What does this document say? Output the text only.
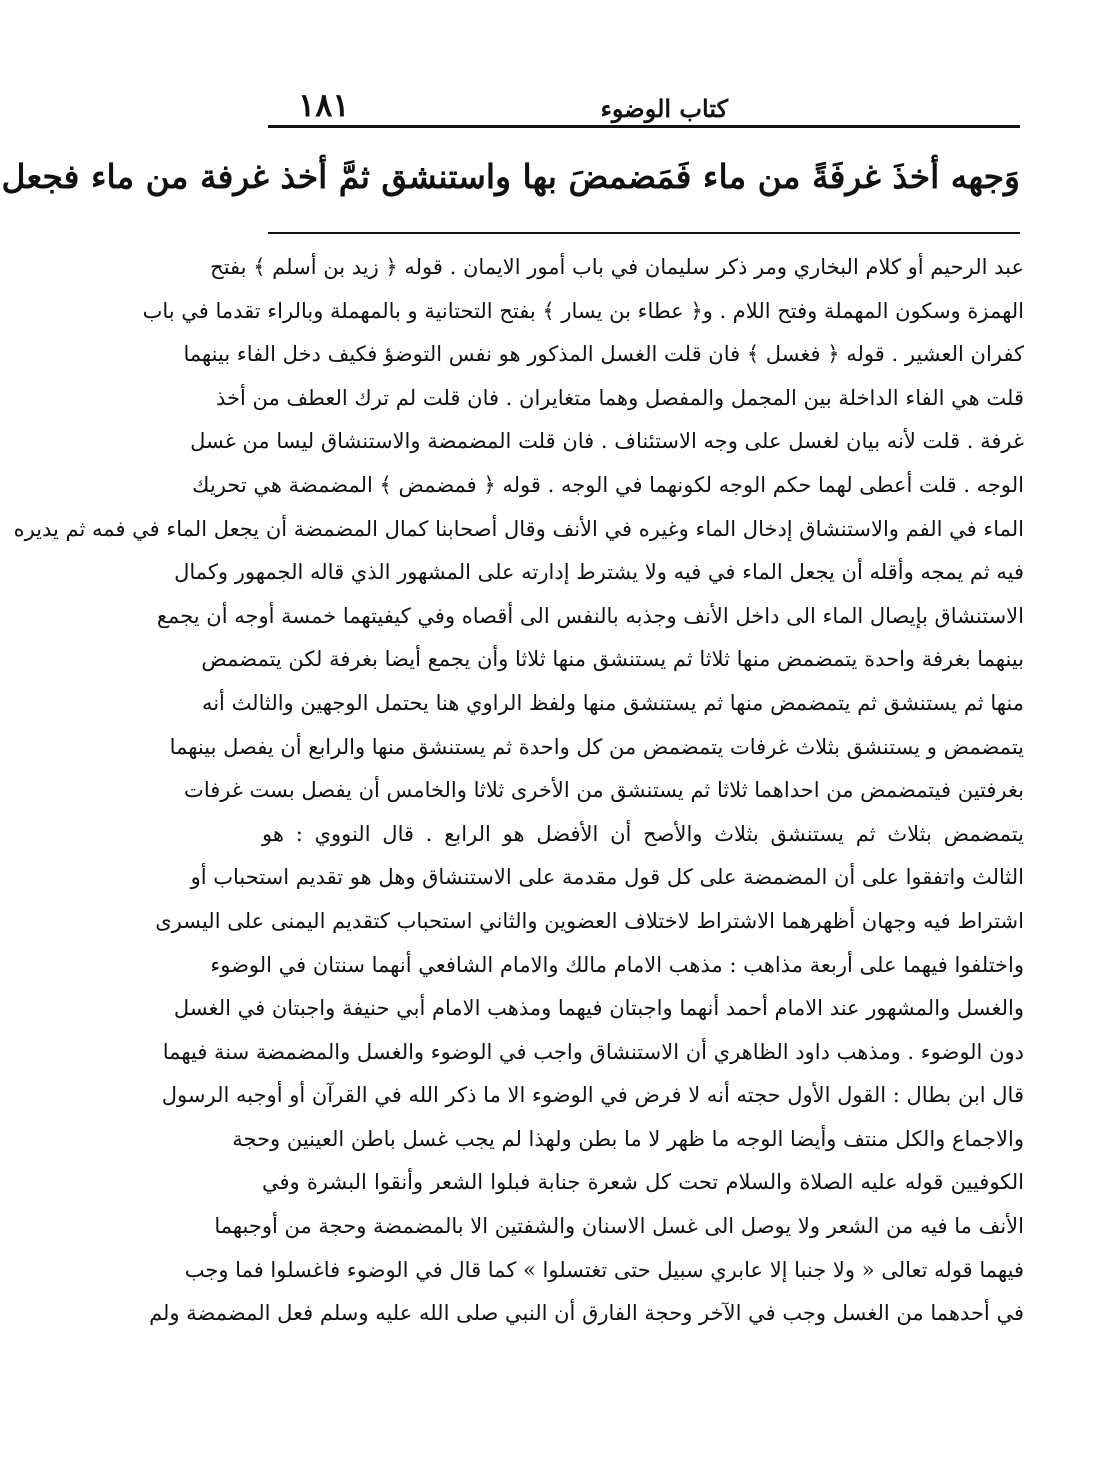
كتاب الوضوء
١٨١
وَجهه أخذَ غرفَةً من ماء فَمَضمضَ بها واستنشق ثمَّ أخذ غرفة من ماء فجعل
عبد الرحيم أو كلام البخاري ومر ذكر سليمان في باب أمور الايمان . قوله ﴿ زيد بن أسلم ﴾ بفتح
الهمزة وسكون المهملة وفتح اللام . و﴿ عطاء بن يسار ﴾ بفتح التحتانية و بالمهملة وبالراء تقدما في باب
كفران العشير . قوله ﴿ فغسل ﴾ فان قلت الغسل المذكور هو نفس التوضؤ فكيف دخل الفاء بينهما
قلت هي الفاء الداخلة بين المجمل والمفصل وهما متغايران . فان قلت لم ترك العطف من أخذ
غرفة . قلت لأنه بيان لغسل على وجه الاستئناف . فان قلت المضمضة والاستنشاق ليسا من غسل
الوجه . قلت أعطى لهما حكم الوجه لكونهما في الوجه . قوله ﴿ فمضمض ﴾ المضمضة هي تحريك
الماء في الفم والاستنشاق إدخال الماء وغيره في الأنف وقال أصحابنا كمال المضمضة أن يجعل الماء في فمه ثم يديره
فيه ثم يمجه وأقله أن يجعل الماء في فيه ولا يشترط إدارته على المشهور الذي قاله الجمهور وكمال
الاستنشاق بإيصال الماء الى داخل الأنف وجذبه بالنفس الى أقصاه وفي كيفيتهما خمسة أوجه أن يجمع
بينهما بغرفة واحدة يتمضمض منها ثلاثا ثم يستنشق منها ثلاثا وأن يجمع أيضا بغرفة لكن يتمضمض
منها ثم يستنشق ثم يتمضمض منها ثم يستنشق منها ولفظ الراوي هنا يحتمل الوجهين والثالث أنه
يتمضمض و يستنشق بثلاث غرفات يتمضمض من كل واحدة ثم يستنشق منها والرابع أن يفصل بينهما
بغرفتين فيتمضمض من احداهما ثلاثا ثم يستنشق من الأخرى ثلاثا والخامس أن يفصل بست غرفات
يتمضمض بثلاث ثم يستنشق بثلاث والأصح أن الأفضل هو الرابع . قال النووي : هو
الثالث واتفقوا على أن المضمضة على كل قول مقدمة على الاستنشاق وهل هو تقديم استحباب أو
اشتراط فيه وجهان أظهرهما الاشتراط لاختلاف العضوين والثاني استحباب كتقديم اليمنى على اليسرى
واختلفوا فيهما على أربعة مذاهب : مذهب الامام مالك والامام الشافعي أنهما سنتان في الوضوء
والغسل والمشهور عند الامام أحمد أنهما واجبتان فيهما ومذهب الامام أبي حنيفة واجبتان في الغسل
دون الوضوء . ومذهب داود الظاهري أن الاستنشاق واجب في الوضوء والغسل والمضمضة سنة فيهما
قال ابن بطال : القول الأول حجته أنه لا فرض في الوضوء الا ما ذكر الله في القرآن أو أوجبه الرسول
والاجماع والكل منتف وأيضا الوجه ما ظهر لا ما بطن ولهذا لم يجب غسل باطن العينين وحجة
الكوفيين قوله عليه الصلاة والسلام تحت كل شعرة جنابة فبلوا الشعر وأنقوا البشرة وفي
الأنف ما فيه من الشعر ولا يوصل الى غسل الاسنان والشفتين الا بالمضمضة وحجة من أوجبهما
فيهما قوله تعالى « ولا جنبا إلا عابري سبيل حتى تغتسلوا » كما قال في الوضوء فاغسلوا فما وجب
في أحدهما من الغسل وجب في الآخر وحجة الفارق أن النبي صلى الله عليه وسلم فعل المضمضة ولم
